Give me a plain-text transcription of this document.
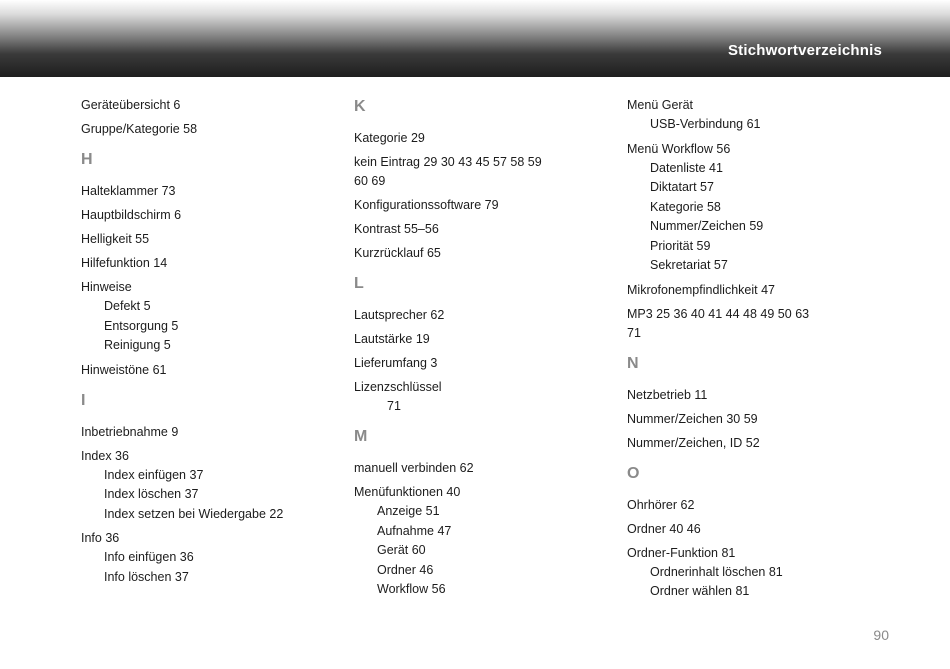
Stichwortverzeichnis
Geräteübersicht 6
Gruppe/Kategorie 58
H
Halteklammer 73
Hauptbildschirm 6
Helligkeit 55
Hilfefunktion 14
Hinweise
Defekt 5
Entsorgung 5
Reinigung 5
Hinweistöne 61
I
Inbetriebnahme 9
Index 36
Index einfügen 37
Index löschen 37
Index setzen bei Wiedergabe 22
Info 36
Info einfügen 36
Info löschen 37
K
Kategorie 29
kein Eintrag 29 30 43 45 57 58 59
60 69
Konfigurationssoftware 79
Kontrast 55–56
Kurzrücklauf 65
L
Lautsprecher 62
Lautstärke 19
Lieferumfang 3
Lizenzschlüssel
71
M
manuell verbinden 62
Menüfunktionen 40
Anzeige 51
Aufnahme 47
Gerät 60
Ordner 46
Workflow 56
Menü Gerät
USB-Verbindung 61
Menü Workflow 56
Datenliste 41
Diktatart 57
Kategorie 58
Nummer/Zeichen 59
Priorität 59
Sekretariat 57
Mikrofonempfindlichkeit 47
MP3 25 36 40 41 44 48 49 50 63
71
N
Netzbetrieb 11
Nummer/Zeichen 30 59
Nummer/Zeichen, ID 52
O
Ohrhörer 62
Ordner 40 46
Ordner-Funktion 81
Ordnerinhalt löschen 81
Ordner wählen 81
90
